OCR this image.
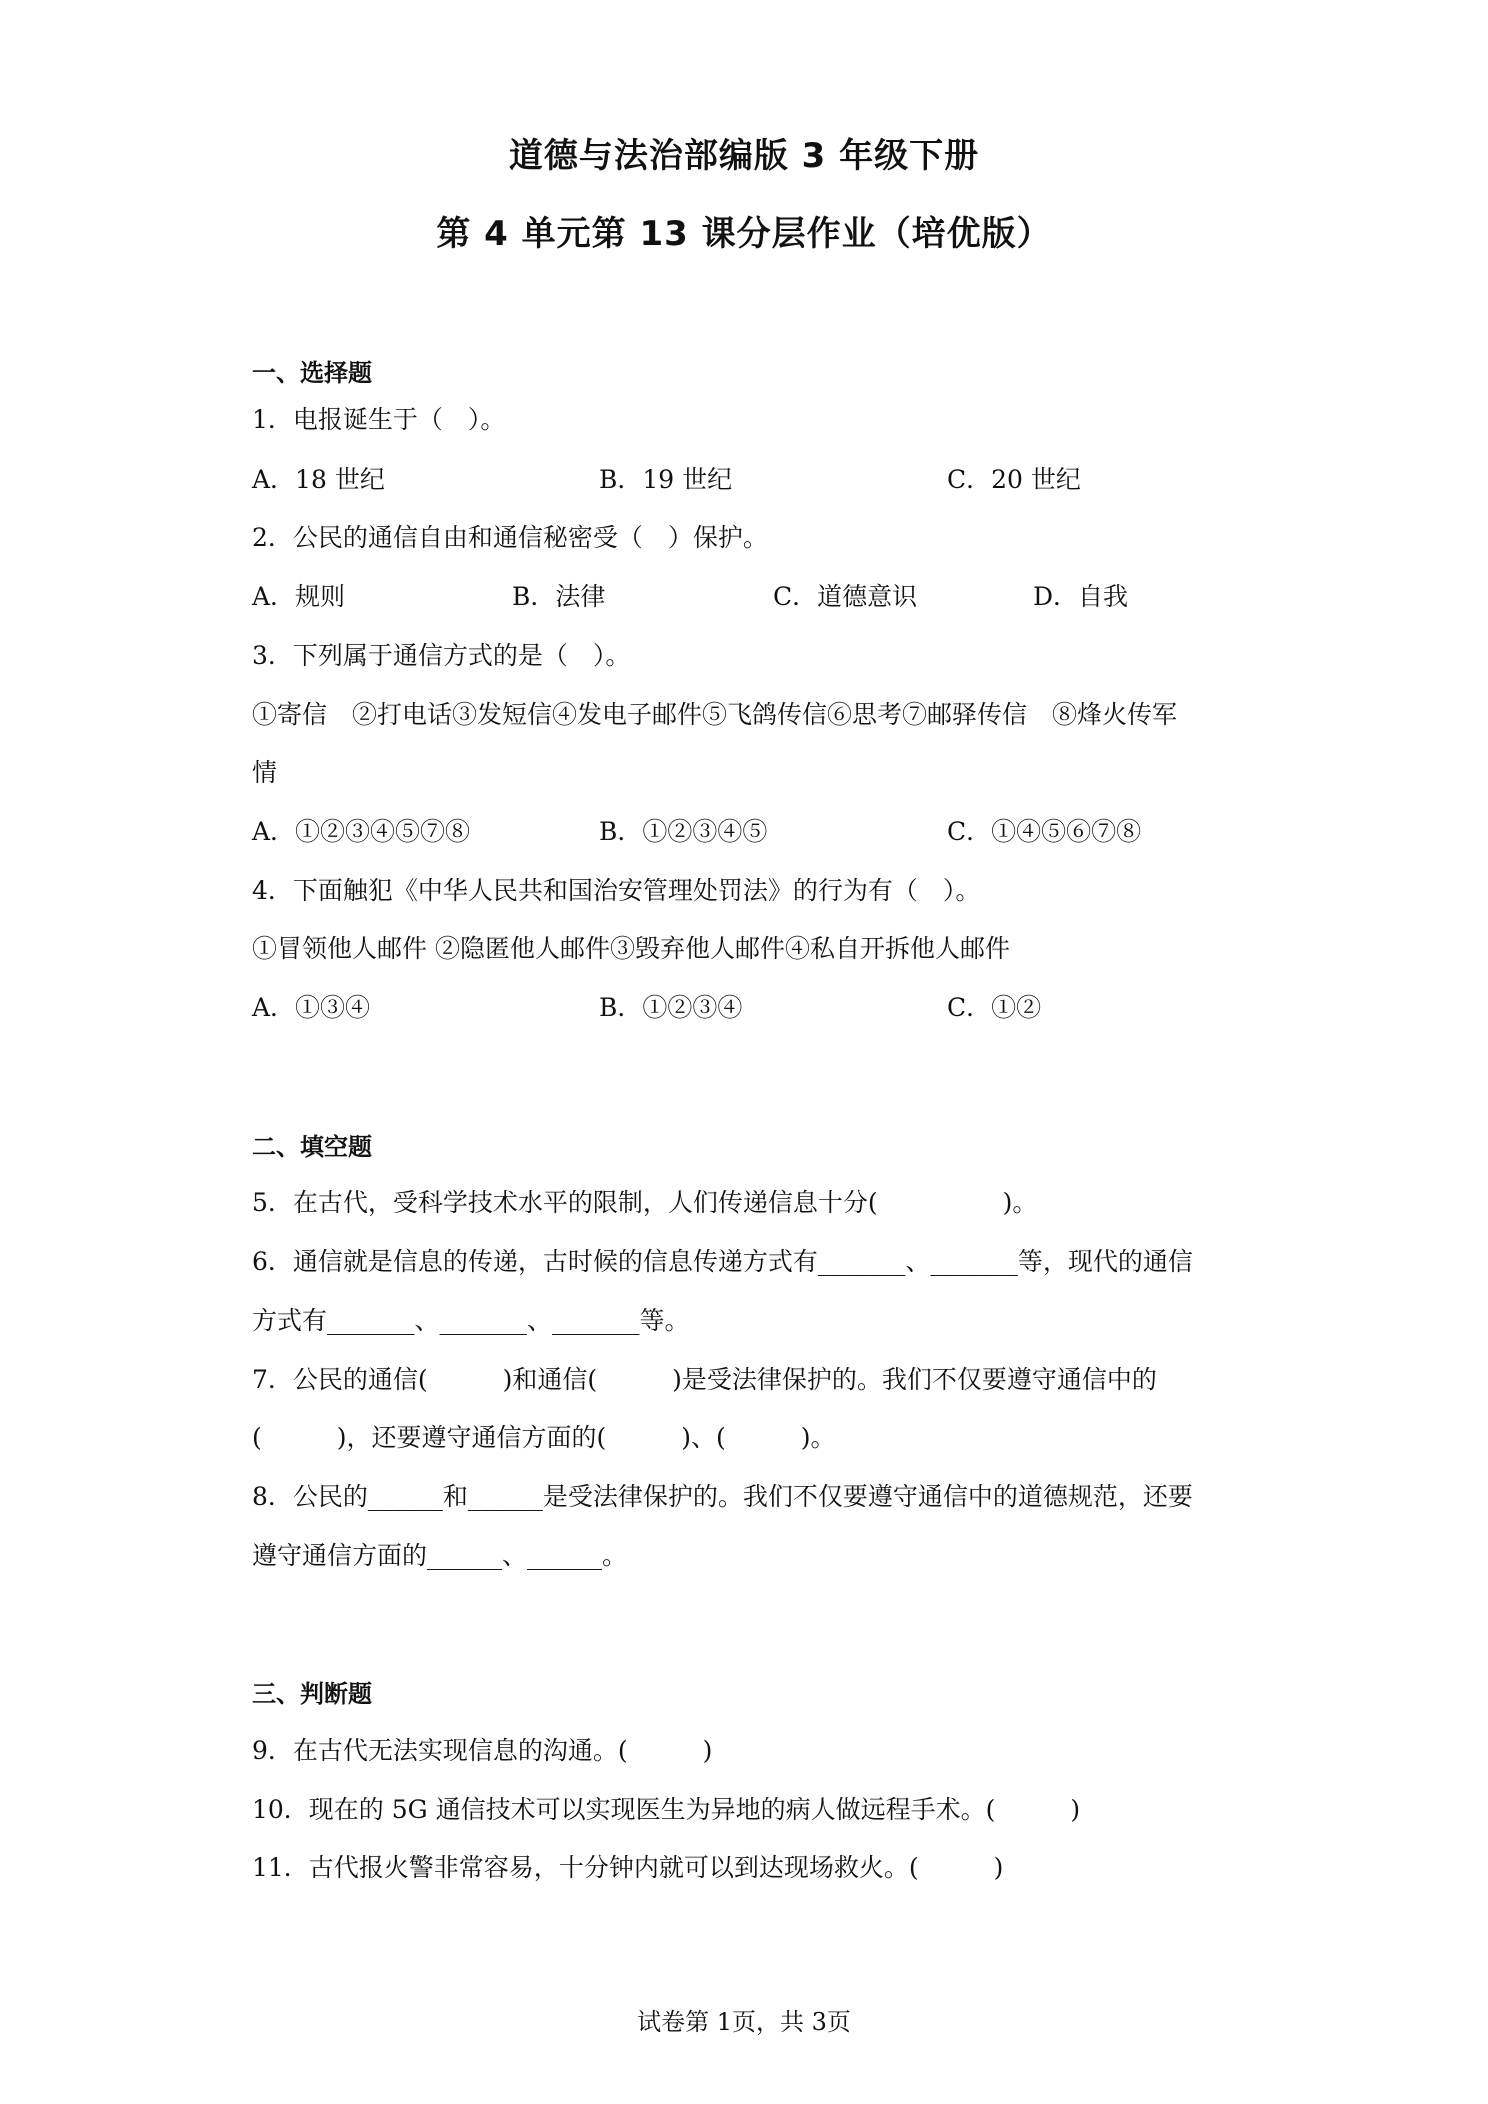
道德与法治部编版 3 年级下册
第 4 单元第 13 课分层作业（培优版）
一、选择题
1．电报诞生于（　）。
A．18 世纪	B．19 世纪	C．20 世纪
2．公民的通信自由和通信秘密受（　）保护。
A．规则	B．法律	C．道德意识	D．自我
3．下列属于通信方式的是（　）。
①寄信　②打电话③发短信④发电子邮件⑤飞鸽传信⑥思考⑦邮驿传信　⑧烽火传军
情
A．①②③④⑤⑦⑧	B．①②③④⑤	C．①④⑤⑥⑦⑧
4．下面触犯《中华人民共和国治安管理处罚法》的行为有（　）。
①冒领他人邮件 ②隐匿他人邮件③毁弃他人邮件④私自开拆他人邮件
A．①③④	B．①②③④	C．①②
二、填空题
5．在古代，受科学技术水平的限制，人们传递信息十分(　　　　　)。
6．通信就是信息的传递，古时候的信息传递方式有_______、_______等，现代的通信
方式有_______、_______、_______等。
7．公民的通信(　　　)和通信(　　　)是受法律保护的。我们不仅要遵守通信中的
(　　　)，还要遵守通信方面的(　　　)、(　　　)。
8．公民的______和______是受法律保护的。我们不仅要遵守通信中的道德规范，还要
遵守通信方面的______、______。
三、判断题
9．在古代无法实现信息的沟通。(　　　)
10．现在的 5G 通信技术可以实现医生为异地的病人做远程手术。(　　　)
11．古代报火警非常容易，十分钟内就可以到达现场救火。(　　　)
试卷第 1页，共 3页
